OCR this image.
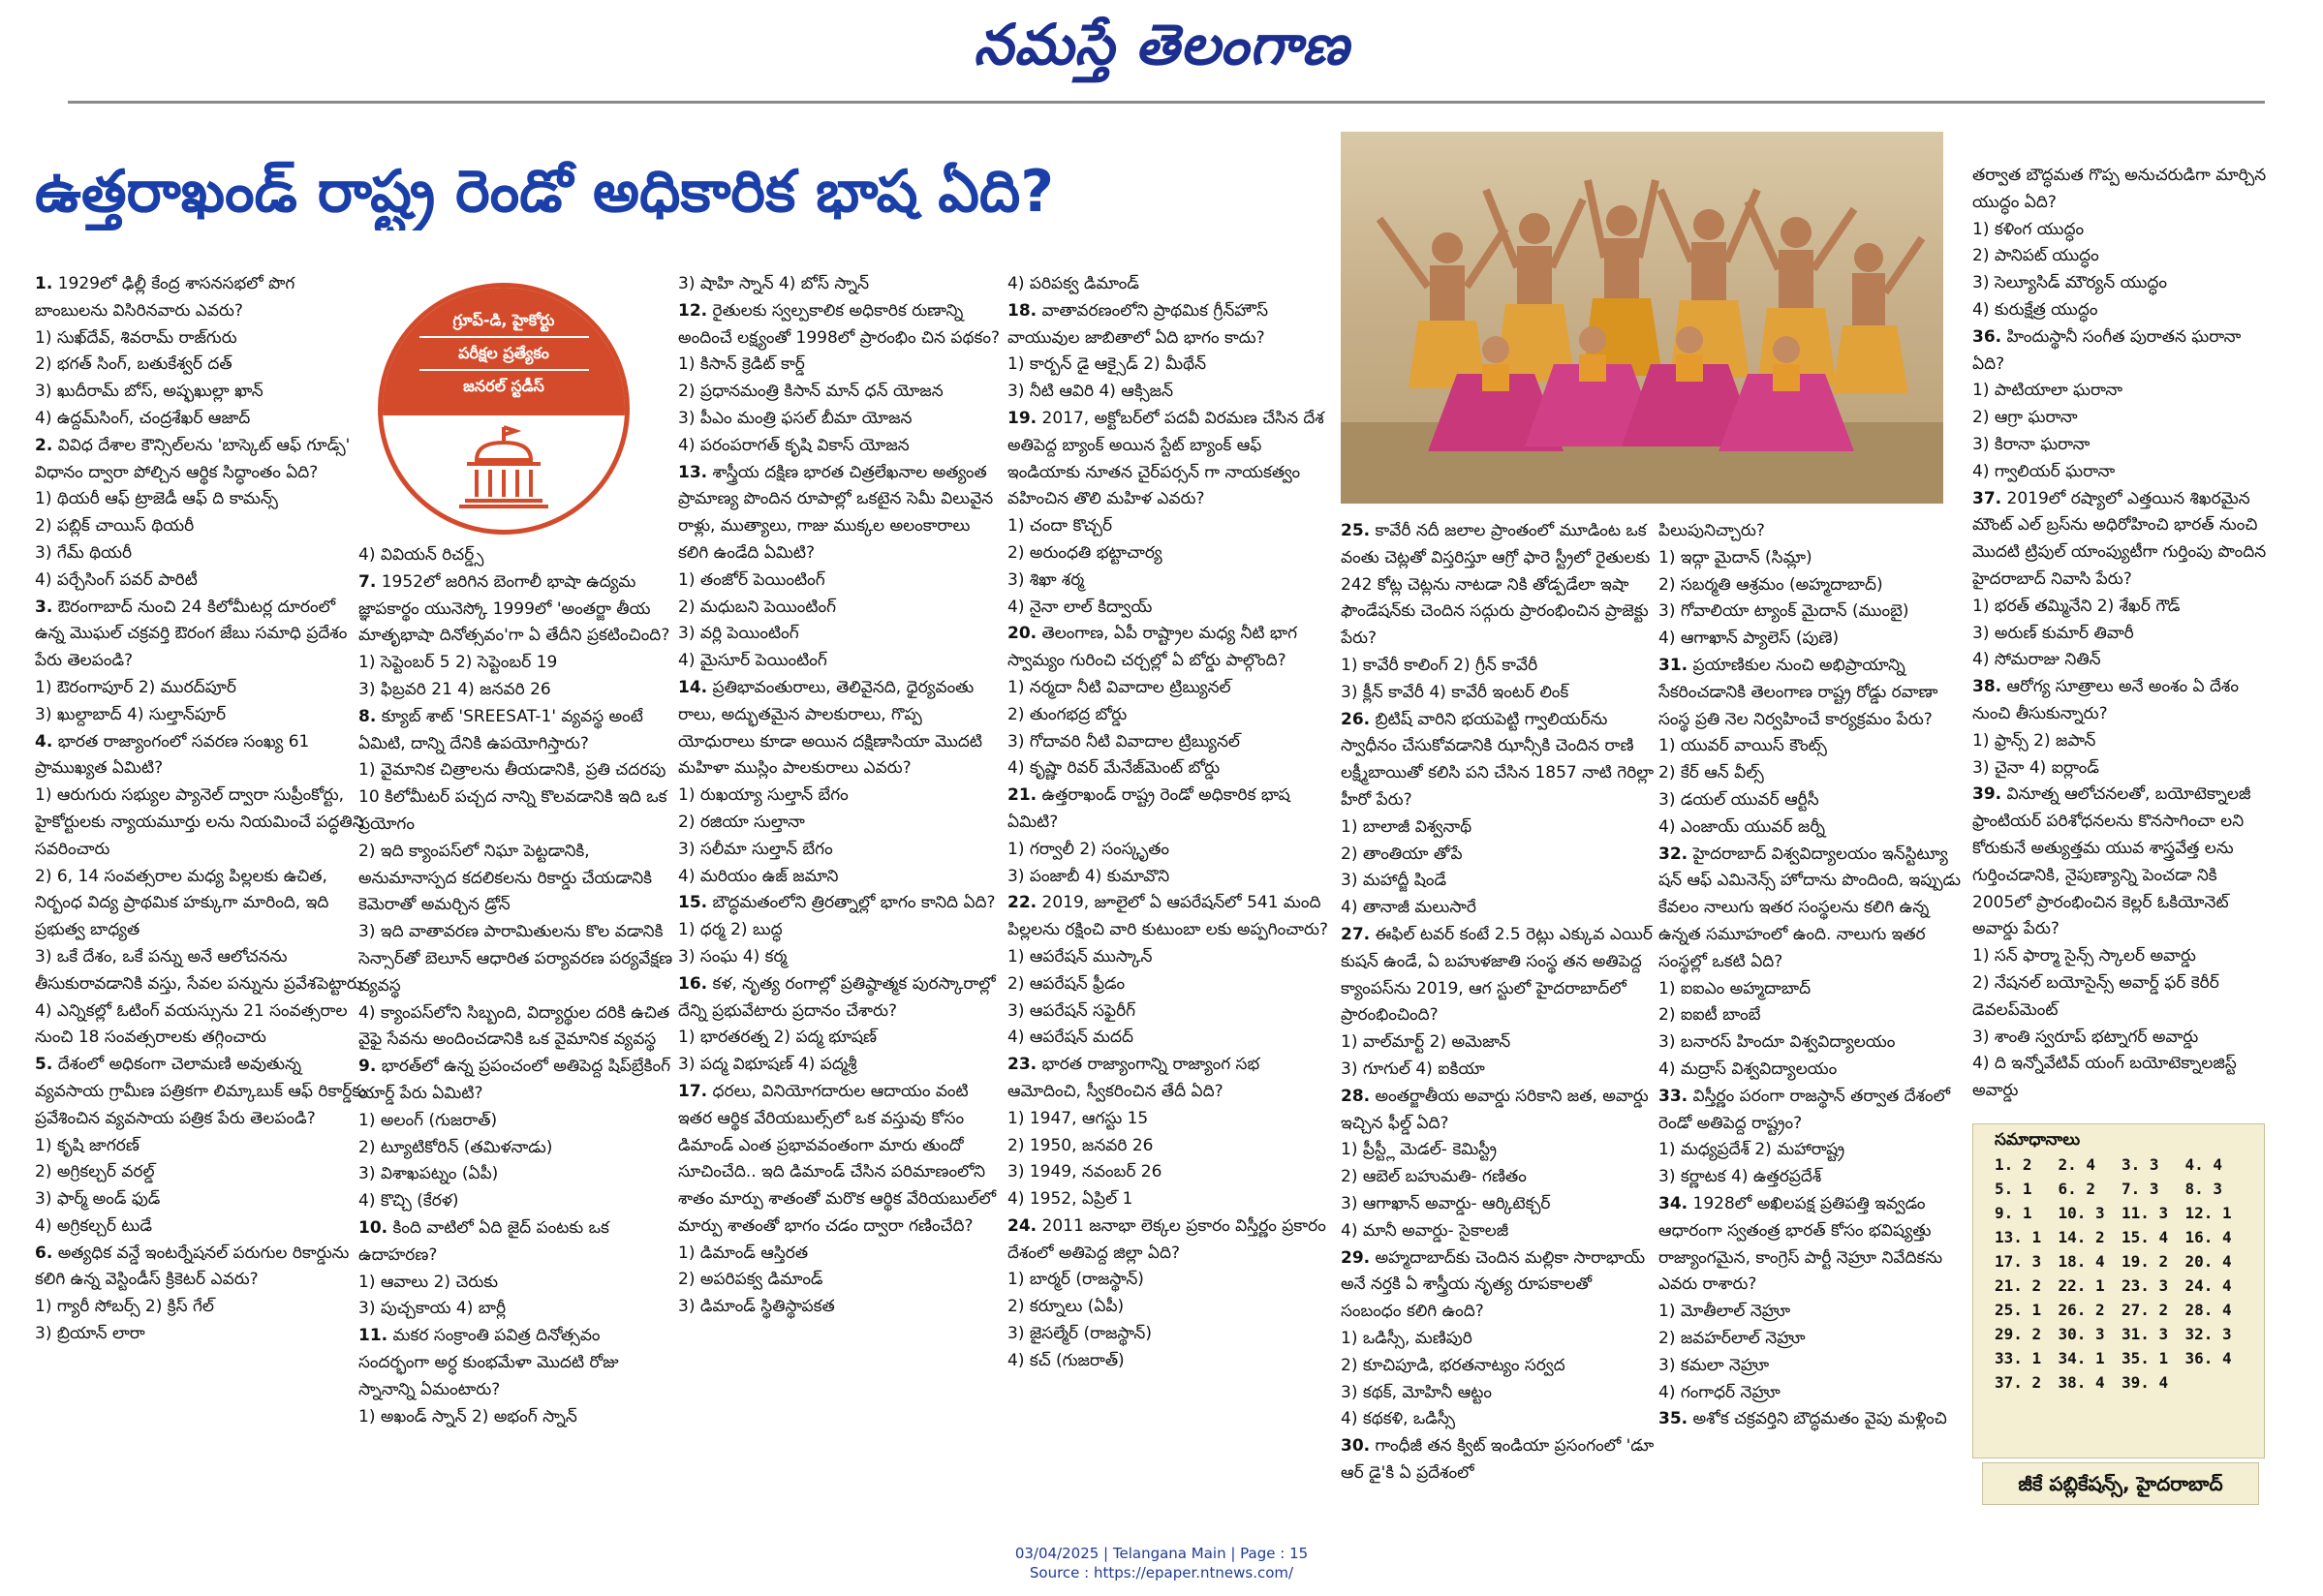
నమస్తే తెలంగాణ
ఉత్తరాఖండ్ రాష్ట్ర రెండో అధికారిక భాష ఏది?

1. 1929లో ఢిల్లీ కేంద్ర శాసనసభలో పొగ బాంబులను విసిరినవారు ఎవరు?

1) సుఖ్‌దేవ్, శివరామ్ రాజ్‌గురు

2) భగత్ సింగ్, బతుకేశ్వర్ దత్

3) ఖుదీరామ్ బోస్, అష్ఫఖుల్లా ఖాన్

4) ఉద్దమ్‌సింగ్, చంద్రశేఖర్ ఆజాద్

2. వివిధ దేశాల కౌన్సిల్‌లను 'బాస్కెట్ ఆఫ్ గూడ్స్' విధానం ద్వారా పోల్చిన ఆర్థిక సిద్ధాంతం ఏది?

1) థియరీ ఆఫ్ ట్రాజెడీ ఆఫ్ ది కామన్స్

2) పబ్లిక్ చాయిస్ థియరీ

3) గేమ్ థియరీ

4) పర్చేసింగ్ పవర్ పారిటీ

3. ఔరంగాబాద్ నుంచి 24 కిలోమీటర్ల దూరంలో ఉన్న మొఘల్ చక్రవర్తి ఔరంగ జేబు సమాధి ప్రదేశం పేరు తెలపండి?

1) ఔరంగాపూర్ 2) మురద్‌పూర్

3) ఖుల్దాబాద్ 4) సుల్తాన్‌పూర్

4. భారత రాజ్యాంగంలో సవరణ సంఖ్య 61 ప్రాముఖ్యత ఏమిటి?

1) ఆరుగురు సభ్యుల ప్యానెల్ ద్వారా సుప్రీంకోర్టు, హైకోర్టులకు న్యాయమూర్తు లను నియమించే పద్ధతిని సవరించారు

2) 6, 14 సంవత్సరాల మధ్య పిల్లలకు ఉచిత, నిర్బంధ విద్య ప్రాథమిక హక్కుగా మారింది, ఇది ప్రభుత్వ బాధ్యత

3) ఒకే దేశం, ఒకే పన్ను అనే ఆలోచనను తీసుకురావడానికి వస్తు, సేవల పన్నును ప్రవేశపెట్టారు

4) ఎన్నికల్లో ఓటింగ్ వయస్సును 21 సంవత్సరాల నుంచి 18 సంవత్సరాలకు తగ్గించారు

5. దేశంలో అధికంగా చెలామణి అవుతున్న వ్యవసాయ గ్రామీణ పత్రికగా లిమ్కాబుక్ ఆఫ్ రికార్డ్‌కు ప్రవేశించిన వ్యవసాయ పత్రిక పేరు తెలపండి?

1) కృషి జాగరణ్

2) అగ్రికల్చర్ వరల్డ్

3) ఫార్మ్ అండ్ ఫుడ్

4) అగ్రికల్చర్ టుడే

6. అత్యధిక వన్డే ఇంటర్నేషనల్ పరుగుల రికార్డును కలిగి ఉన్న వెస్టిండీస్ క్రికెటర్ ఎవరు?

1) గ్యారీ సోబర్స్ 2) క్రిస్ గేల్

3) బ్రియాన్ లారా

4) వివియన్ రిచర్డ్స్

7. 1952లో జరిగిన బెంగాలీ భాషా ఉద్యమ జ్ఞాపకార్థం యునెస్కో 1999లో 'అంతర్జా తీయ మాతృభాషా దినోత్సవం'గా ఏ తేదీని ప్రకటించింది?

1) సెప్టెంబర్ 5 2) సెప్టెంబర్ 19

3) ఫిబ్రవరి 21 4) జనవరి 26

8. క్యూబ్ శాట్ 'SREESAT-1' వ్యవస్థ అంటే ఏమిటి, దాన్ని దేనికి ఉపయోగిస్తారు?

1) వైమానిక చిత్రాలను తీయడానికి, ప్రతి చదరపు 10 కిలోమీటర్ పచ్చద నాన్ని కొలవడానికి ఇది ఒక ప్రయోగం

2) ఇది క్యాంపస్‌లో నిఘా పెట్టడానికి, అనుమానాస్పద కదలికలను రికార్డు చేయడానికి కెమెరాతో అమర్చిన డ్రోన్

3) ఇది వాతావరణ పారామితులను కొల వడానికి సెన్సార్‌తో బెలూన్ ఆధారిత పర్యావరణ పర్యవేక్షణ వ్యవస్థ

4) క్యాంపస్‌లోని సిబ్బంది, విద్యార్థుల దరికి ఉచిత వైఫై సేవను అందించడానికి ఒక వైమానిక వ్యవస్థ

9. భారత్‌లో ఉన్న ప్రపంచంలో అతిపెద్ద షిప్‌బ్రేకింగ్ యార్డ్ పేరు ఏమిటి?

1) అలంగ్ (గుజరాత్)

2) ట్యూటికోరిన్ (తమిళనాడు)

3) విశాఖపట్నం (ఏపీ)

4) కొచ్చి (కేరళ)

10. కింది వాటిలో ఏది జైద్ పంటకు ఒక ఉదాహరణ?

1) ఆవాలు 2) చెరుకు

3) పుచ్చకాయ 4) బార్లీ

11. మకర సంక్రాంతి పవిత్ర దినోత్సవం సందర్భంగా అర్ధ కుంభమేళా మొదటి రోజు స్నానాన్ని ఏమంటారు?

1) అఖండ్ స్నాన్ 2) అభంగ్ స్నాన్

3) షాహి స్నాన్ 4) బోస్ స్నాన్

12. రైతులకు స్వల్పకాలిక అధికారిక రుణాన్ని అందించే లక్ష్యంతో 1998లో ప్రారంభిం చిన పథకం?

1) కిసాన్ క్రెడిట్ కార్డ్

2) ప్రధానమంత్రి కిసాన్ మాన్ ధన్ యోజన

3) పీఎం మంత్రి ఫసల్ బీమా యోజన

4) పరంపరాగత్ కృషి వికాస్ యోజన

13. శాస్త్రీయ దక్షిణ భారత చిత్రలేఖనాల అత్యంత ప్రామాణ్య పొందిన రూపాల్లో ఒకటైన సెమీ విలువైన రాళ్లు, ముత్యాలు, గాజు ముక్కల అలంకారాలు కలిగి ఉండేది ఏమిటి?

1) తంజోర్ పెయింటింగ్

2) మధుబని పెయింటింగ్

3) వర్లి పెయింటింగ్

4) మైసూర్ పెయింటింగ్

14. ప్రతిభావంతురాలు, తెలివైనది, ధైర్యవంతు రాలు, అద్భుతమైన పాలకురాలు, గొప్ప యోధురాలు కూడా అయిన దక్షిణాసియా మొదటి మహిళా ముస్లిం పాలకురాలు ఎవరు?

1) రుఖయ్యా సుల్తాన్ బేగం

2) రజియా సుల్తానా

3) సలీమా సుల్తాన్ బేగం

4) మరియం ఉజ్ జమాని

15. బౌద్ధమతంలోని త్రిరత్నాల్లో భాగం కానిది ఏది?

1) ధర్మ 2) బుద్ధ

3) సంఘ 4) కర్మ

16. కళ, నృత్య రంగాల్లో ప్రతిష్ఠాత్మక పురస్కారాల్లో దేన్ని ప్రభువేటారు ప్రదానం చేశారు?

1) భారతరత్న 2) పద్మ భూషణ్

3) పద్మ విభూషణ్ 4) పద్మశ్రీ

17. ధరలు, వినియోగదారుల ఆదాయం వంటి ఇతర ఆర్థిక వేరియబుల్స్‌లో ఒక వస్తువు కోసం డిమాండ్ ఎంత ప్రభావవంతంగా మారు తుందో సూచించేది.. ఇది డిమాండ్ చేసిన పరిమాణంలోని శాతం మార్పు శాతంతో మరొక ఆర్థిక వేరియబుల్‌లో మార్పు శాతంతో భాగం చడం ద్వారా గణించేది?

1) డిమాండ్ ఆస్తిరత

2) అపరిపక్వ డిమాండ్

3) డిమాండ్ స్థితిస్థాపకత

4) పరిపక్వ డిమాండ్

18. వాతావరణంలోని ప్రాథమిక గ్రీన్‌హౌస్ వాయువుల జాబితాలో ఏది భాగం కాదు?

1) కార్బన్ డై ఆక్సైడ్ 2) మీథేన్

3) నీటి ఆవిరి 4) ఆక్సిజన్

19. 2017, అక్టోబర్‌లో పదవీ విరమణ చేసిన దేశ అతిపెద్ద బ్యాంక్ అయిన స్టేట్ బ్యాంక్ ఆఫ్ ఇండియాకు నూతన చైర్‌పర్సన్ గా నాయకత్వం వహించిన తొలి మహిళ ఎవరు?

1) చందా కొచ్చర్

2) అరుంధతి భట్టాచార్య

3) శిఖా శర్మ

4) నైనా లాల్ కిద్వాయ్

20. తెలంగాణ, ఏపీ రాష్ట్రాల మధ్య నీటి భాగ స్వామ్యం గురించి చర్చల్లో ఏ బోర్డు పాల్గొంది?

1) నర్మదా నీటి వివాదాల ట్రిబ్యునల్

2) తుంగభద్ర బోర్డు

3) గోదావరి నీటి వివాదాల ట్రిబ్యునల్

4) కృష్ణా రివర్ మేనేజ్‌మెంట్ బోర్డు

21. ఉత్తరాఖండ్ రాష్ట్ర రెండో అధికారిక భాష ఏమిటి?

1) గర్వాలీ 2) సంస్కృతం

3) పంజాబీ 4) కుమావొని

22. 2019, జూలైలో ఏ ఆపరేషన్‌లో 541 మంది పిల్లలను రక్షించి వారి కుటుంబా లకు అప్పగించారు?

1) ఆపరేషన్ ముస్కాన్

2) ఆపరేషన్ ఫ్రీడం

3) ఆపరేషన్ సఫైరీగ్

4) ఆపరేషన్ మదద్

23. భారత రాజ్యాంగాన్ని రాజ్యాంగ సభ ఆమోదించి, స్వీకరించిన తేదీ ఏది?

1) 1947, ఆగస్టు 15

2) 1950, జనవరి 26

3) 1949, నవంబర్ 26

4) 1952, ఏప్రిల్ 1

24. 2011 జనాభా లెక్కల ప్రకారం విస్తీర్ణం ప్రకారం దేశంలో అతిపెద్ద జిల్లా ఏది?

1) బార్మర్ (రాజస్థాన్)

2) కర్నూలు (ఏపీ)

3) జైసల్మేర్ (రాజస్థాన్)

4) కచ్ (గుజరాత్)

25. కావేరీ నదీ జలాల ప్రాంతంలో మూడింట ఒక వంతు చెట్లతో విస్తరిస్తూ ఆగ్రో ఫారె స్ట్రీలో రైతులకు 242 కోట్ల చెట్లను నాటడా నికి తోడ్పడేలా ఇషా ఫౌండేషన్‌కు చెందిన సద్గురు ప్రారంభించిన ప్రాజెక్టు పేరు?

1) కావేరీ కాలింగ్ 2) గ్రీన్ కావేరీ

3) క్లీన్ కావేరీ 4) కావేరీ ఇంటర్ లింక్

26. బ్రిటిష్ వారిని భయపెట్టి గ్వాలియర్‌ను స్వాధీనం చేసుకోవడానికి ఝాన్సీకి చెందిన రాణి లక్ష్మీబాయితో కలిసి పని చేసిన 1857 నాటి గెరిల్లా హీరో పేరు?

1) బాలాజీ విశ్వనాథ్

2) తాంతియా తోపే

3) మహాద్జీ షిండే

4) తానాజీ మలుసారే

27. ఈఫిల్ టవర్ కంటే 2.5 రెట్లు ఎక్కువ ఎయిర్ కుషన్ ఉండే, ఏ బహుళజాతి సంస్థ తన అతిపెద్ద క్యాంపస్‌ను 2019, ఆగ స్టులో హైదరాబాద్‌లో ప్రారంభించింది?

1) వాల్‌మార్ట్ 2) అమెజాన్

3) గూగుల్ 4) ఐకియా

28. అంతర్జాతీయ అవార్డు సరికాని జత, అవార్డు ఇచ్చిన ఫీల్డ్ ఏది?

1) ప్రీస్ట్లీ మెడల్- కెమిస్ట్రీ

2) ఆబెల్ బహుమతి- గణితం

3) ఆగాఖాన్ అవార్డు- ఆర్కిటెక్చర్

4) మానీ అవార్డు- సైకాలజీ

29. అహ్మదాబాద్‌కు చెందిన మల్లికా సారాభాయ్ అనే నర్తకి ఏ శాస్త్రీయ నృత్య రూపకాలతో సంబంధం కలిగి ఉంది?

1) ఒడిస్సీ, మణిపురి

2) కూచిపూడి, భరతనాట్యం సర్వద

3) కథక్, మోహినీ ఆట్టం

4) కథకళి, ఒడిస్సీ

30. గాంధీజీ తన క్విట్ ఇండియా ప్రసంగంలో 'డూ ఆర్ డై'కి ఏ ప్రదేశంలో

పిలుపునిచ్చారు?

1) ఇద్గా మైదాన్ (సిమ్లా)

2) సబర్మతి ఆశ్రమం (అహ్మదాబాద్)

3) గోవాలియా ట్యాంక్ మైదాన్ (ముంబై)

4) ఆగాఖాన్ ప్యాలెస్ (పుణె)

31. ప్రయాణికుల నుంచి అభిప్రాయాన్ని సేకరించడానికి తెలంగాణ రాష్ట్ర రోడ్డు రవాణా సంస్థ ప్రతి నెల నిర్వహించే కార్యక్రమం పేరు?

1) యువర్ వాయిస్ కౌంట్స్

2) కేర్ ఆన్ వీల్స్

3) డయల్ యువర్ ఆర్టీసీ

4) ఎంజాయ్ యువర్ జర్నీ

32. హైదరాబాద్ విశ్వవిద్యాలయం ఇన్‌స్టిట్యూ షన్ ఆఫ్ ఎమినెన్స్ హోదాను పొందింది, ఇప్పుడు కేవలం నాలుగు ఇతర సంస్థలను కలిగి ఉన్న ఉన్నత సమూహంలో ఉంది. నాలుగు ఇతర సంస్థల్లో ఒకటి ఏది?

1) ఐఐఎం అహ్మదాబాద్

2) ఐఐటీ బాంబే

3) బనారస్ హిందూ విశ్వవిద్యాలయం

4) మద్రాస్ విశ్వవిద్యాలయం

33. విస్తీర్ణం పరంగా రాజస్థాన్ తర్వాత దేశంలో రెండో అతిపెద్ద రాష్ట్రం?

1) మధ్యప్రదేశ్ 2) మహారాష్ట్ర

3) కర్ణాటక 4) ఉత్తరప్రదేశ్

34. 1928లో అఖిలపక్ష ప్రతిపత్తి ఇవ్వడం ఆధారంగా స్వతంత్ర భారత్ కోసం భవిష్యత్తు రాజ్యాంగమైన, కాంగ్రెస్ పార్టీ నెహ్రూ నివేదికను ఎవరు రాశారు?

1) మోతీలాల్ నెహ్రూ

2) జవహర్‌లాల్ నెహ్రూ

3) కమలా నెహ్రూ

4) గంగాధర్ నెహ్రూ

35. అశోక చక్రవర్తిని బౌద్ధమతం వైపు మళ్లించి

తర్వాత బౌద్ధమత గొప్ప అనుచరుడిగా మార్చిన యుద్ధం ఏది?

1) కళింగ యుద్ధం

2) పానిపట్ యుద్ధం

3) సెల్యూసిడ్ మౌర్యన్ యుద్ధం

4) కురుక్షేత్ర యుద్ధం

36. హిందుస్థానీ సంగీత పురాతన ఘరానా ఏది?

1) పాటియాలా ఘరానా

2) ఆగ్రా ఘరానా

3) కిరానా ఘరానా

4) గ్వాలియర్ ఘరానా

37. 2019లో రష్యాలో ఎత్తయిన శిఖరమైన మౌంట్ ఎల్ బ్రస్‌ను అధిరోహించి భారత్ నుంచి మొదటి ట్రిపుల్ యాంప్యుటీగా గుర్తింపు పొందిన హైదరాబాద్ నివాసి పేరు?

1) భరత్ తమ్మినేని 2) శేఖర్ గౌడ్

3) అరుణ్ కుమార్ తివారీ

4) సోమరాజు నితిన్

38. ఆరోగ్య సూత్రాలు అనే అంశం ఏ దేశం నుంచి తీసుకున్నారు?

1) ఫ్రాన్స్ 2) జపాన్

3) చైనా 4) ఐర్లాండ్

39. వినూత్న ఆలోచనలతో, బయోటెక్నాలజీ ఫ్రాంటియర్ పరిశోధనలను కొనసాగించా లని కోరుకునే అత్యుత్తమ యువ శాస్త్రవేత్త లను గుర్తించడానికి, నైపుణ్యాన్ని పెంచడా నికి 2005లో ప్రారంభించిన కెల్లర్ ఓకియోనెట్ అవార్డు పేరు?

1) సన్ ఫార్మా సైన్స్ స్కాలర్ అవార్డు

2) నేషనల్ బయోసైన్స్ అవార్డ్ ఫర్ కెరీర్ డెవలప్‌మెంట్

3) శాంతి స్వరూప్ భట్నాగర్ అవార్డు

4) ది ఇన్నోవేటివ్ యంగ్ బయోటెక్నాలజిస్ట్ అవార్డు

గ్రూప్-డి, హైకోర్టు
పరీక్షల ప్రత్యేకం
జనరల్ స్టడీస్
సమాధానాలు
1. 2	2. 4	3. 3	4. 4
5. 1	6. 2	7. 3	8. 3
9. 1	10. 3	11. 3	12. 1
13. 1	14. 2	15. 4	16. 4
17. 3	18. 4	19. 2	20. 4
21. 2	22. 1	23. 3	24. 4
25. 1	26. 2	27. 2	28. 4
29. 2	30. 3	31. 3	32. 3
33. 1	34. 1	35. 1	36. 4
37. 2	38. 4	39. 4
జీకే పబ్లికేషన్స్, హైదరాబాద్
03/04/2025 | Telangana Main | Page : 15
Source : https://epaper.ntnews.com/
